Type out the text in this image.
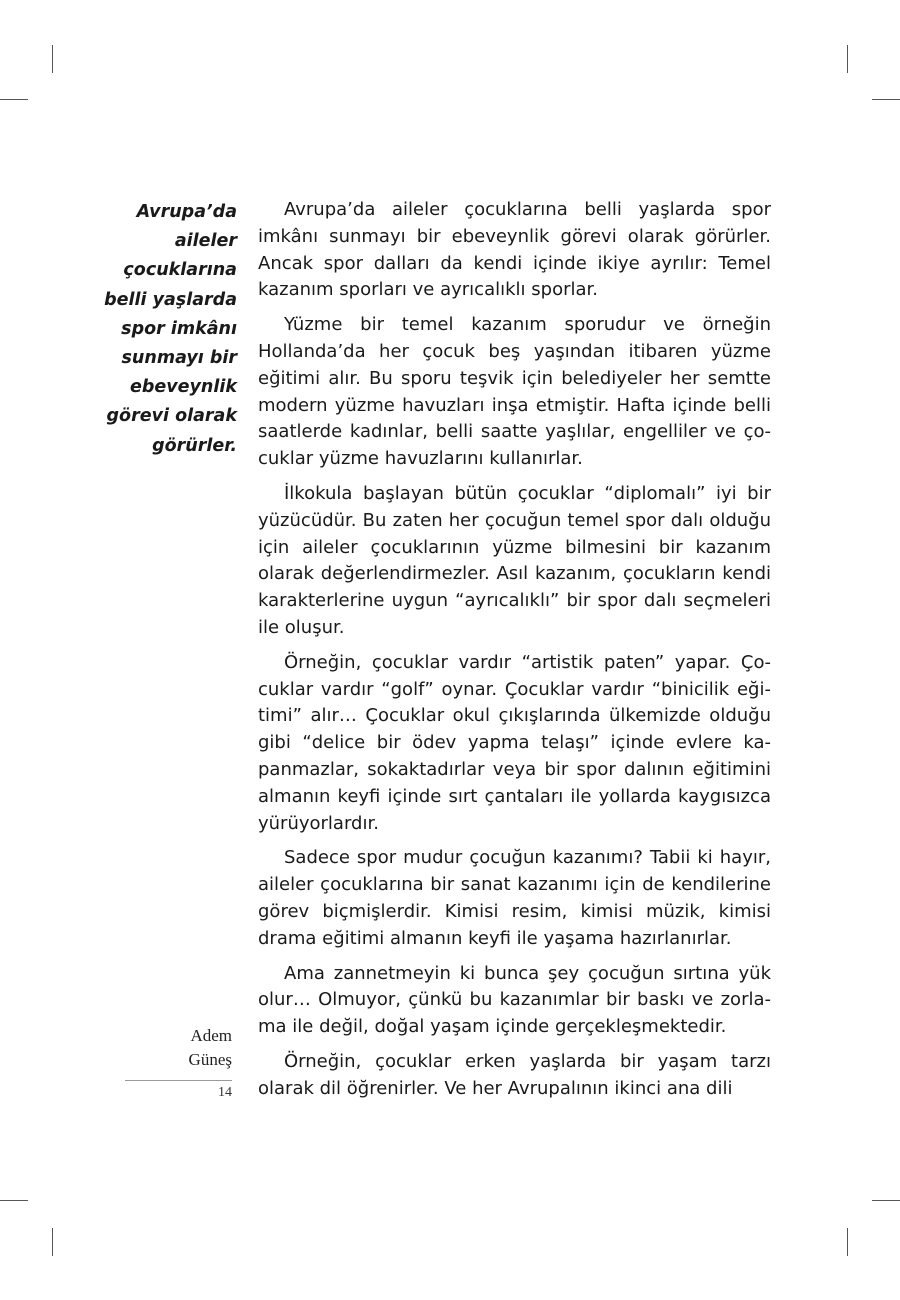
Avrupa’da
aileler
çocuklarına
belli yaşlarda
spor imkânı
sunmayı bir
ebeveynlik
görevi olarak
görürler.

Avrupa’da aileler çocuklarına belli yaşlarda spor imkânı sunmayı bir ebeveynlik görevi olarak görürler. Ancak spor dalları da kendi içinde ikiye ayrılır: Temel kazanım sporları ve ayrıcalıklı sporlar.

Yüzme bir temel kazanım sporudur ve örneğin Hollanda’da her çocuk beş yaşından itibaren yüzme eğitimi alır. Bu sporu teşvik için belediyeler her semtte modern yüzme havuzları inşa etmiştir. Hafta içinde belli saatlerde kadınlar, belli saatte yaşlılar, engelliler ve çocuklar yüzme havuzlarını kullanırlar.

İlkokula başlayan bütün çocuklar “diplomalı” iyi bir yüzücüdür. Bu zaten her çocuğun temel spor dalı olduğu için aileler çocuklarının yüzme bilmesini bir kazanım olarak değerlendirmezler. Asıl kazanım, çocukların kendi karakterlerine uygun “ayrıcalıklı” bir spor dalı seçmeleri ile oluşur.

Örneğin, çocuklar vardır “artistik paten” yapar. Çocuklar vardır “golf” oynar. Çocuklar vardır “binicilik eğitimi” alır… Çocuklar okul çıkışlarında ülkemizde olduğu gibi “delice bir ödev yapma telaşı” içinde evlere kapanmazlar, sokaktadırlar veya bir spor dalının eğitimini almanın keyfi içinde sırt çantaları ile yollarda kaygısızca yürüyorlardır.

Sadece spor mudur çocuğun kazanımı? Tabii ki hayır, aileler çocuklarına bir sanat kazanımı için de kendilerine görev biçmişlerdir. Kimisi resim, kimisi müzik, kimisi drama eğitimi almanın keyfi ile yaşama hazırlanırlar.

Ama zannetmeyin ki bunca şey çocuğun sırtına yük olur… Olmuyor, çünkü bu kazanımlar bir baskı ve zorlama ile değil, doğal yaşam içinde gerçekleşmektedir.

Örneğin, çocuklar erken yaşlarda bir yaşam tarzı olarak dil öğrenirler. Ve her Avrupalının ikinci ana dili

Adem
Güneş
14
